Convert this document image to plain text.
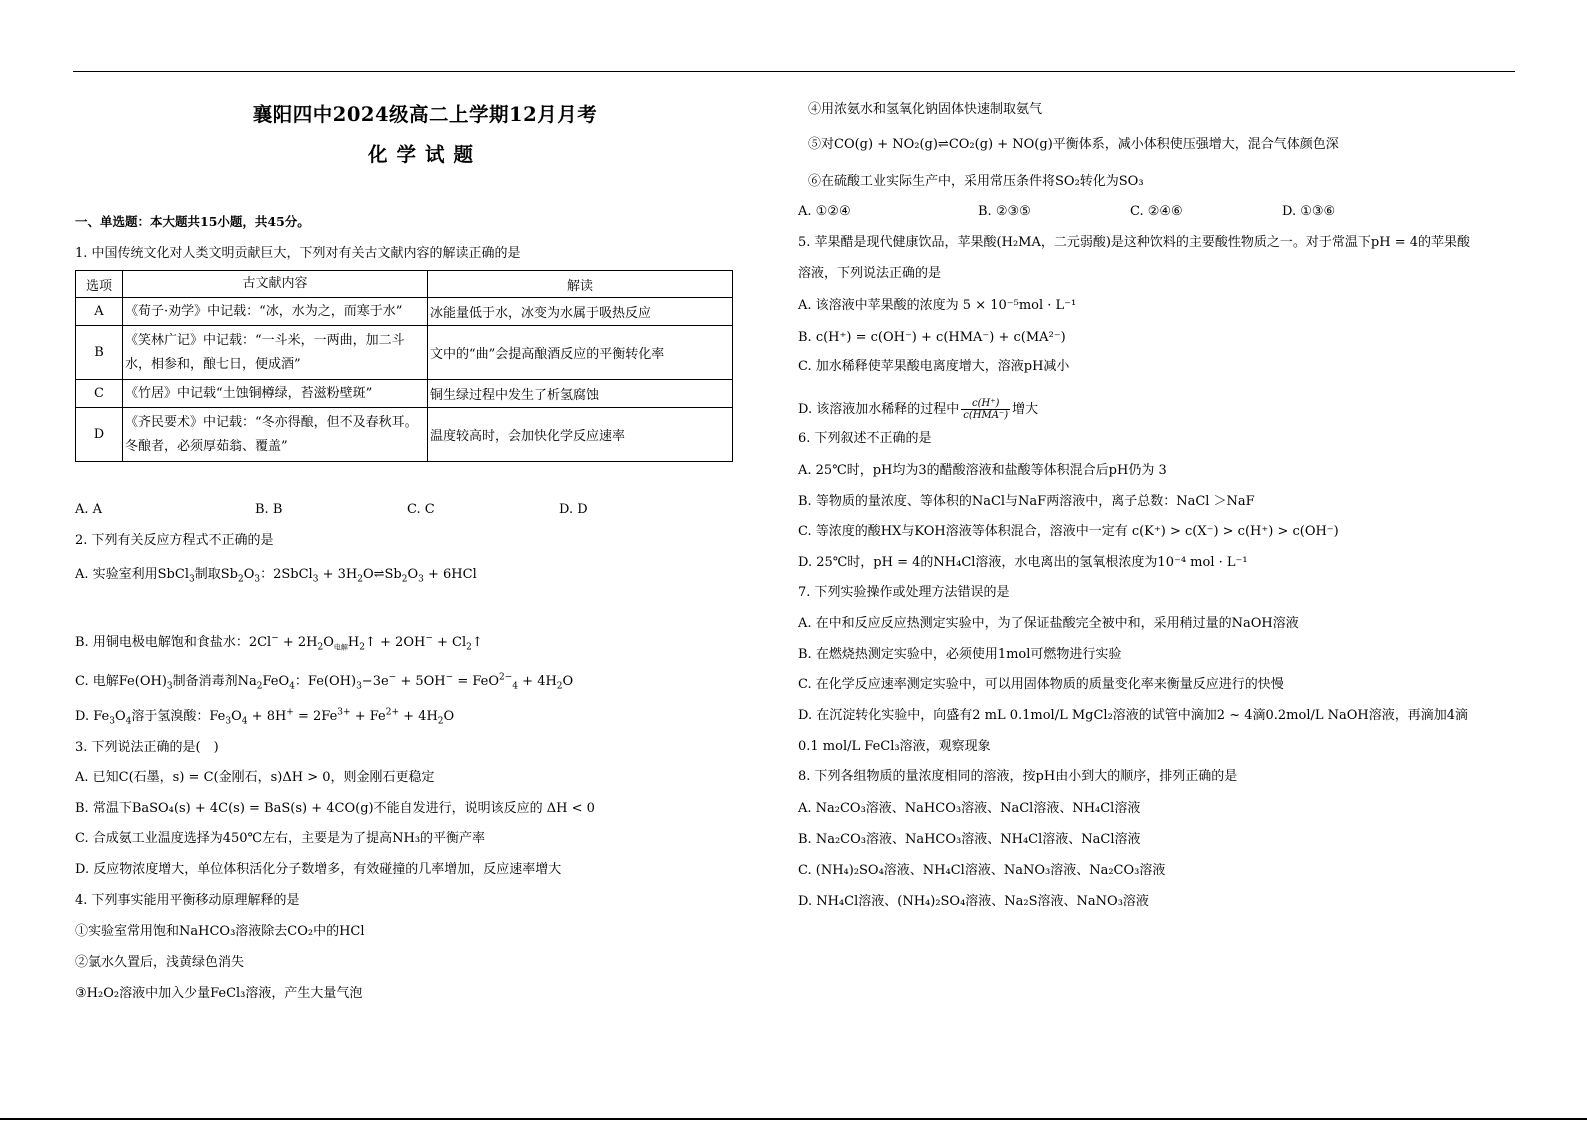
襄阳四中2024级高二上学期12月月考
化学试题
一、单选题：本大题共15小题，共45分。
1. 中国传统文化对人类文明贡献巨大，下列对有关古文献内容的解读正确的是
选项	古文献内容	解读
A	《荀子·劝学》中记载：“冰，水为之，而寒于水”	冰能量低于水，冰变为水属于吸热反应
B	《笑林广记》中记载：“一斗米，一两曲，加二斗水，相参和，酿七日，便成酒”	文中的“曲”会提高酿酒反应的平衡转化率
C	《竹居》中记载“土蚀铜樽绿，苔滋粉壁斑”	铜生绿过程中发生了析氢腐蚀
D	《齐民要术》中记载：“冬亦得酿，但不及春秋耳。冬酿者，必须厚茹翁、覆盖”	温度较高时，会加快化学反应速率
A. A	B. B	C. C	D. D
2. 下列有关反应方程式不正确的是
A. 实验室利用SbCl$_3$制取$Sb_2O_3$：2SbCl$_3$ + $3H_2O\rightleftharpoons Sb_2O_3 + 6HCl$
B. 用铜电极电解饱和食盐水：$2Cl^- + 2H_2O_{电解}H_2↑ + 2OH^-$ + $Cl_2↑$
C. 电解$Fe(OH)_3$制备消毒剂$Na_2FeO_4$：$Fe(OH)_3-3e^- + 5OH^- = FeO^{2-}_4 + 4H_2O$
D. $Fe_3O_4$溶于氢溴酸：$Fe_3O_4 + 8H^+ = 2Fe^{3+} + Fe^{2+} + 4H_2O$
3. 下列说法正确的是(　)
A. 已知C(石墨，s) = C(金刚石，s)ΔH > 0，则金刚石更稳定
B. 常温下BaSO₄(s) + 4C(s) = BaS(s) + 4CO(g)不能自发进行，说明该反应的 ΔH < 0
C. 合成氨工业温度选择为450℃左右，主要是为了提高NH₃的平衡产率
D. 反应物浓度增大，单位体积活化分子数增多，有效碰撞的几率增加，反应速率增大
4. 下列事实能用平衡移动原理解释的是
①实验室常用饱和NaHCO₃溶液除去CO₂中的HCl
②氯水久置后，浅黄绿色消失
③H₂O₂溶液中加入少量FeCl₃溶液，产生大量气泡
④用浓氨水和氢氧化钠固体快速制取氨气
⑤对CO(g) + NO₂(g)⇌CO₂(g) + NO(g)平衡体系，减小体积使压强增大，混合气体颜色深
⑥在硫酸工业实际生产中，采用常压条件将SO₂转化为SO₃
A. ①②④	B. ②③⑤	C. ②④⑥	D. ①③⑥
5. 苹果醋是现代健康饮品，苹果酸(H₂MA，二元弱酸)是这种饮料的主要酸性物质之一。对于常温下pH = 4的苹果酸
溶液，下列说法正确的是
A. 该溶液中苹果酸的浓度为 5 × 10⁻⁵mol · L⁻¹
B. c(H⁺) = c(OH⁻) + c(HMA⁻) + c(MA²⁻)
C. 加水稀释使苹果酸电离度增大，溶液pH减小
D. 该溶液加水稀释的过程中 $\frac{c(H^+)}{\text{c(HMA⁻)}}$ 增大
6. 下列叙述不正确的是
A. 25℃时，pH均为3的醋酸溶液和盐酸等体积混合后pH仍为 3
B. 等物质的量浓度、等体积的NaCl与NaF两溶液中，离子总数：NaCl ＞NaF
C. 等浓度的酸HX与KOH溶液等体积混合，溶液中一定有 c(K⁺) > c(X⁻) > c(H⁺) > c(OH⁻)
D. 25℃时，pH = 4的NH₄Cl溶液，水电离出的氢氧根浓度为10⁻⁴ mol · L⁻¹
7. 下列实验操作或处理方法错误的是
A. 在中和反应反应热测定实验中，为了保证盐酸完全被中和，采用稍过量的NaOH溶液
B. 在燃烧热测定实验中，必须使用1mol可燃物进行实验
C. 在化学反应速率测定实验中，可以用固体物质的质量变化率来衡量反应进行的快慢
D. 在沉淀转化实验中，向盛有2 mL 0.1mol/L MgCl₂溶液的试管中滴加2 ~ 4滴0.2mol/L NaOH溶液，再滴加4滴
0.1 mol/L FeCl₃溶液，观察现象
8. 下列各组物质的量浓度相同的溶液，按pH由小到大的顺序，排列正确的是
A. Na₂CO₃溶液、NaHCO₃溶液、NaCl溶液、NH₄Cl溶液
B. Na₂CO₃溶液、NaHCO₃溶液、NH₄Cl溶液、NaCl溶液
C. (NH₄)₂SO₄溶液、NH₄Cl溶液、NaNO₃溶液、Na₂CO₃溶液
D. NH₄Cl溶液、(NH₄)₂SO₄溶液、Na₂S溶液、NaNO₃溶液
